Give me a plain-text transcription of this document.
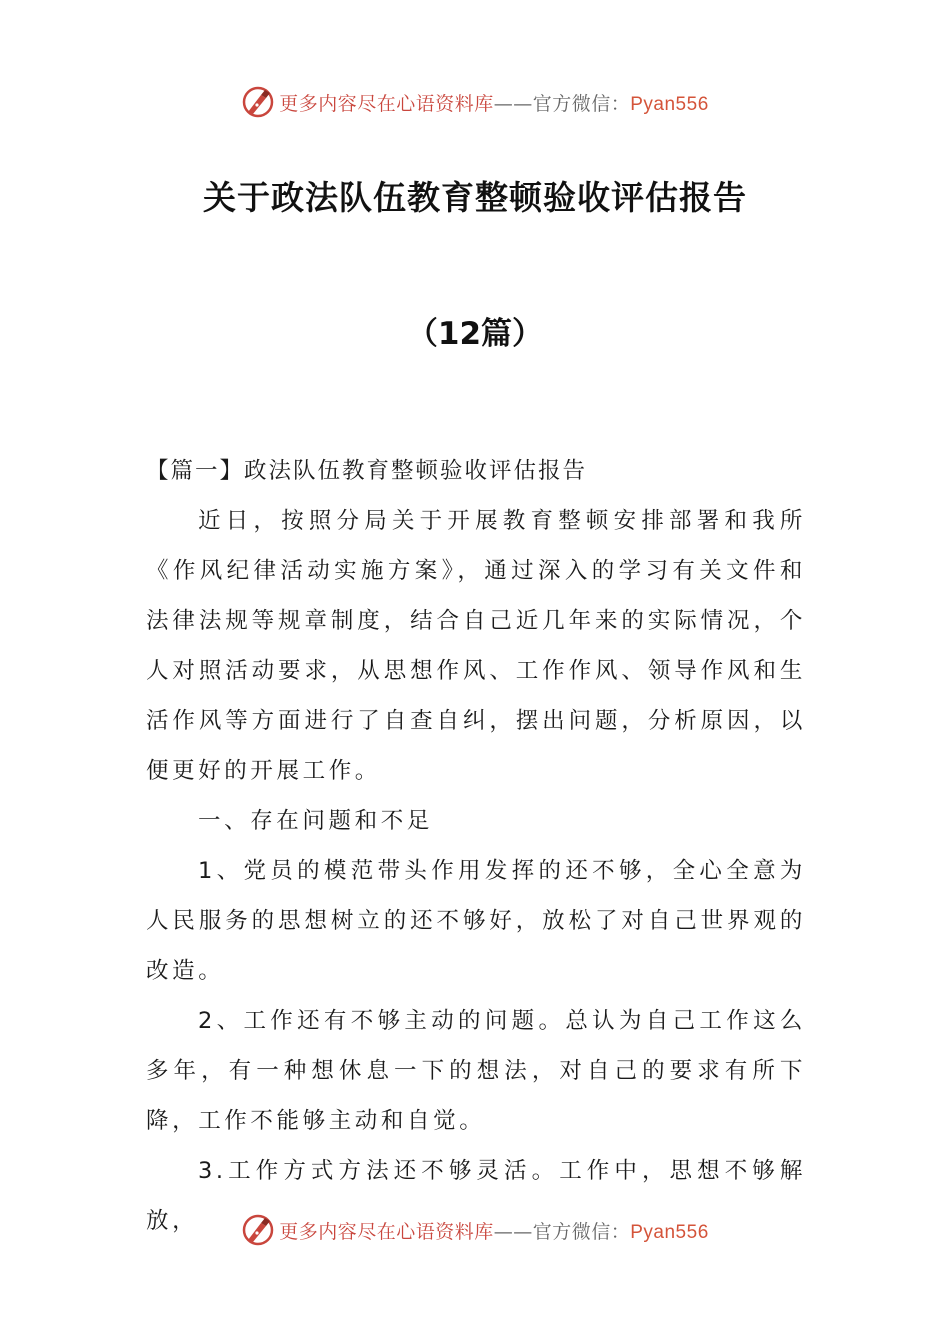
更多内容尽在心语资料库——官方微信：Pyan556
关于政法队伍教育整顿验收评估报告
（12篇）

【篇一】政法队伍教育整顿验收评估报告

近日，按照分局关于开展教育整顿安排部署和我所《作风纪律活动实施方案》，通过深入的学习有关文件和法律法规等规章制度，结合自己近几年来的实际情况，个人对照活动要求，从思想作风、工作作风、领导作风和生活作风等方面进行了自查自纠，摆出问题，分析原因，以便更好的开展工作。

一、存在问题和不足

1、党员的模范带头作用发挥的还不够，全心全意为人民服务的思想树立的还不够好，放松了对自己世界观的改造。

2、工作还有不够主动的问题。总认为自己工作这么多年，有一种想休息一下的想法，对自己的要求有所下降，工作不能够主动和自觉。

3.工作方式方法还不够灵活。工作中，思想不够解放，	更多内容尽在心语资料库——官方微信：Pyan556
